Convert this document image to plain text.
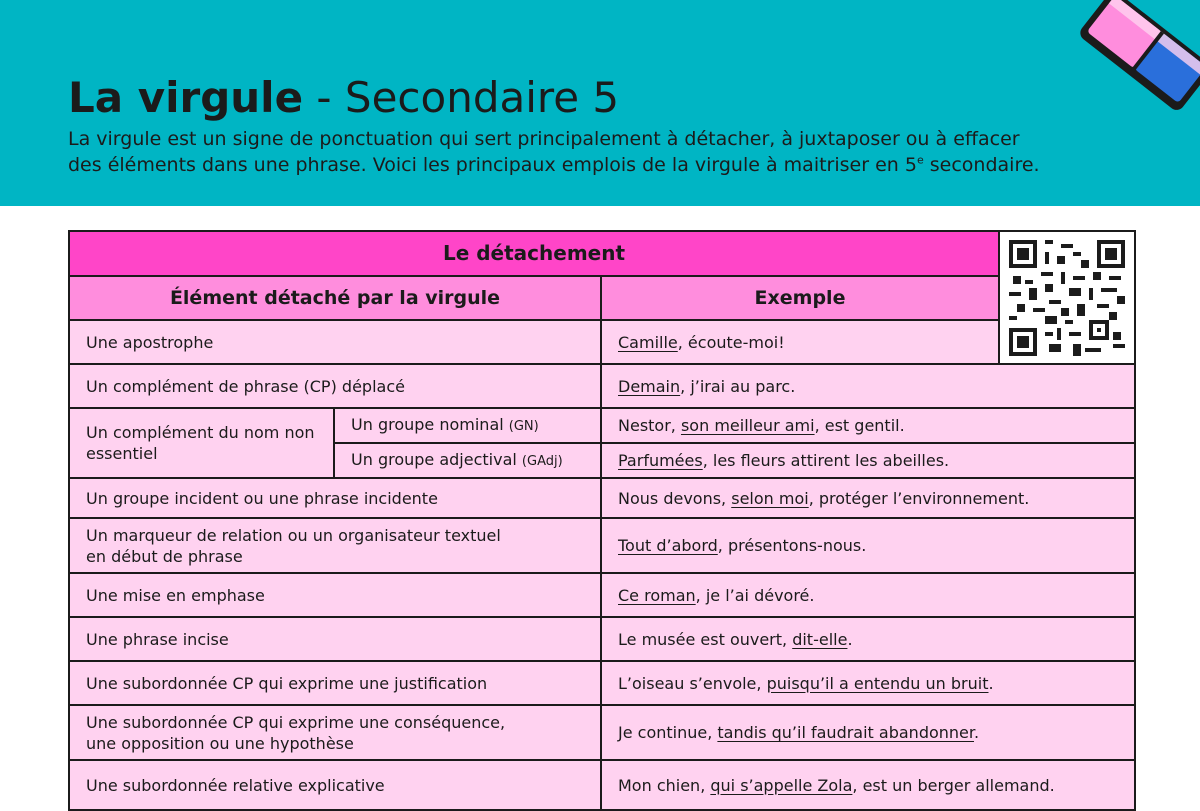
La virgule - Secondaire 5

La virgule est un signe de ponctuation qui sert principalement à détacher, à juxtaposer ou à effacer

des éléments dans une phrase. Voici les principaux emplois de la virgule à maitriser en 5e secondaire.

Le détachement	

Élément détaché par la virgule		Exemple	
Une apostrophe		Camille, écoute-moi!	
Un complément de phrase (CP) déplacé		Demain, j’irai au parc.	
Un complément du nom non essentiel	Un groupe nominal (GN)	Nestor, son meilleur ami, est gentil.	
	Un groupe adjectival (GAdj)	Parfumées, les fleurs attirent les abeilles.	
Un groupe incident ou une phrase incidente		Nous devons, selon moi, protéger l’environnement.	

Un marqueur de relation ou un organisateur textuel
en début de phrase		Tout d’abord, présentons-nous.	
Une mise en emphase		Ce roman, je l’ai dévoré.	
Une phrase incise		Le musée est ouvert, dit-elle.	
Une subordonnée CP qui exprime une justification		L’oiseau s’envole, puisqu’il a entendu un bruit.	

Une subordonnée CP qui exprime une conséquence,
une opposition ou une hypothèse		Je continue, tandis qu’il faudrait abandonner.	
Une subordonnée relative explicative		Mon chien, qui s’appelle Zola, est un berger allemand.	
